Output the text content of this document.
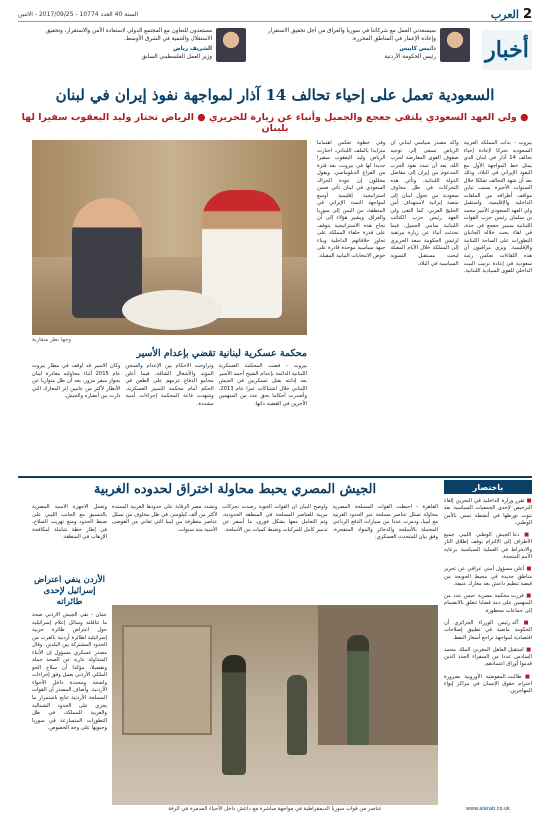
2
العرب
السنة 40 العدد 10774 - 2017/09/25 - الاثنين
أخبار
سيسعدني العمل مع شركائنا في سوريا والعراق من أجل تحقيق الاستقرار وإعادة الإعمار في المناطق المحررة.
دانيس كابيس
رئيس الحكومة الأردنية
مستعدون للتعاون مع المجتمع الدولي لاستعادة الأمن والاستقرار، وتحقيق الاستقلال والتنمية في الشرق الأوسط.
الشريف رياض
وزير العمل الفلسطيني السابق
السعودية تعمل على إحياء تحالف 14 آذار لمواجهة نفوذ إيران في لبنان
● ولي العهد السعودي يلتقي جعجع والجميل وأنباء عن زيارة للحريري ● الرياض تختار وليد اليعقوب سفيرا لها بلبنان
وجها نظر متقاربة
بيروت - بدأت المملكة العربية السعودية تحركا لإعادة إحياء تحالف 14 آذار في لبنان الذي يمثل خط المواجهة الأول مع النفوذ الإيراني في البلاد، وذلك بعد أن شهد التحالف تفككا خلال السنوات الأخيرة بسبب تباين مواقف أطرافه من الملفات الداخلية والإقليمية. واستقبل ولي العهد السعودي الأمير محمد بن سلمان رئيس حزب القوات اللبنانية سمير جعجع في جدة، في لقاء بحث خلاله الجانبان التطورات على الساحة اللبنانية والإقليمية. ويرى مراقبون أن هذه اللقاءات تعكس رغبة سعودية في إعادة ترتيب البيت الداخلي للقوى السيادية اللبنانية.
وأكد مصدر سياسي لبناني أن الرياض تسعى إلى توحيد صفوف القوى المعارضة لحزب الله، بعد أن تمدد نفوذ الحزب المدعوم من إيران إلى مفاصل الدولة اللبنانية. وتأتي هذه التحركات في ظل مخاوف سعودية من تحول لبنان إلى منصة إيرانية لاستهداف أمن الخليج العربي. كما التقى ولي العهد رئيس حزب الكتائب اللبنانية سامي الجميل، فيما تحدثت أنباء عن زيارة مرتقبة لرئيس الحكومة سعد الحريري إلى المملكة خلال الأيام المقبلة لبحث مستقبل التسوية السياسية في البلاد.
وفي خطوة تعكس اهتماما متزايدا بالملف اللبناني، اختارت الرياض وليد اليعقوب سفيرا جديدا لها في بيروت، بعد فترة من الفراغ الدبلوماسي. ويقول محللون إن عودة الحراك السعودي في لبنان تأتي ضمن استراتيجية إقليمية أوسع لمواجهة التمدد الإيراني في المنطقة، من اليمن إلى سوريا والعراق. ويشير هؤلاء إلى أن نجاح هذه الاستراتيجية يتوقف على قدرة حلفاء المملكة على تجاوز خلافاتهم الداخلية وبناء جبهة سياسية موحدة قادرة على خوض الانتخابات النيابية المقبلة.
محكمة عسكرية لبنانية تقضي بإعدام الأسير
بيروت - قضت المحكمة العسكرية اللبنانية الدائمة بإعدام الشيخ أحمد الأسير بعد إدانته بقتل عسكريين في الجيش اللبناني خلال اشتباكات عبرا عام 2013، وأصدرت أحكاما بحق عدد من المتهمين الآخرين في القضية ذاتها.
وتراوحت الأحكام بين الإعدام والسجن المؤبد والأشغال الشاقة، فيما أعلن محامو الدفاع عزمهم على الطعن في الحكم أمام محكمة التمييز العسكرية. وشهدت قاعة المحكمة إجراءات أمنية مشددة.
وكان الأسير قد أوقف في مطار بيروت عام 2015 أثناء محاولته مغادرة لبنان بجواز سفر مزور، بعد أن ظل متواريا عن الأنظار لأكثر من عامين إثر المعارك التي دارت بين أنصاره والجيش.
باختصار
■ تقرر وزارة الداخلية في البحرين إلغاء الترخيص لإحدى الجمعيات السياسية بعد ثبوت تورطها في أنشطة تمس بالأمن الوطني.
■ دعا الجيش الوطني الليبي جميع الأطراف إلى الالتزام بوقف إطلاق النار والانخراط في العملية السياسية برعاية الأمم المتحدة.
■ أعلن مسؤول أمني عراقي عن تحرير مناطق جديدة في محيط الحويجة من قبضة تنظيم داعش بعد معارك عنيفة.
■ قررت محكمة مصرية حبس عدد من المتهمين على ذمة قضايا تتعلق بالانضمام إلى جماعات محظورة.
■ أكد رئيس الوزراء الجزائري أن الحكومة ماضية في تطبيق إصلاحات اقتصادية لمواجهة تراجع أسعار النفط.
■ استقبل العاهل المغربي الملك محمد السادس عددا من السفراء الجدد الذين قدموا أوراق اعتمادهم.
■ طالبت المفوضية الأوروبية بضرورة احترام حقوق الإنسان في مراكز إيواء المهاجرين.
الجيش المصري يحبط محاولة اختراق لحدوده الغربية
القاهرة - أحبطت القوات المسلحة المصرية محاولة تسلل عناصر مسلحة عبر الحدود الغربية مع ليبيا، ودمرت عددا من سيارات الدفع الرباعي المحملة بالأسلحة والذخائر والمواد المتفجرة، وفق بيان للمتحدث العسكري.
وأوضح البيان أن القوات الجوية رصدت تحركات مريبة للعناصر المسلحة في المنطقة الحدودية، وتم التعامل معها بشكل فوري، ما أسفر عن تدمير كامل للمركبات وضبط كميات من الأسلحة.
وتشدد مصر الرقابة على حدودها الغربية الممتدة لأكثر من ألف كيلومتر، في ظل مخاوف من تسلل عناصر متطرفة من ليبيا التي تعاني من الفوضى الأمنية منذ سنوات.
وتعمل الأجهزة الأمنية المصرية بالتنسيق مع الجانب الليبي على ضبط الحدود ومنع تهريب السلاح، في إطار خطة شاملة لمكافحة الإرهاب في المنطقة.
الأردن ينفي اعتراض إسرائيل لإحدى طائراته
عمان - نفى الجيش الأردني صحة ما تناقلته وسائل إعلام إسرائيلية حول اعتراض طائرة حربية إسرائيلية لطائرة أردنية بالقرب من الحدود المشتركة بين البلدين. وقال مصدر عسكري مسؤول إن الأنباء المتداولة عارية عن الصحة جملة وتفصيلا، مؤكدا أن سلاح الجو الملكي الأردني يعمل وفق إجراءات واضحة ومحددة داخل الأجواء الأردنية. وأضاف المصدر أن القوات المسلحة الأردنية تتابع باستمرار ما يجري على الحدود الشمالية والغربية للمملكة، في ظل التطورات المتسارعة في سوريا وجنوبها على وجه الخصوص.
عناصر من قوات سوريا الديمقراطية في مواجهة مباشرة مع داعش داخل الأحياء المدمرة في الرقة	www.alarab.co.uk
